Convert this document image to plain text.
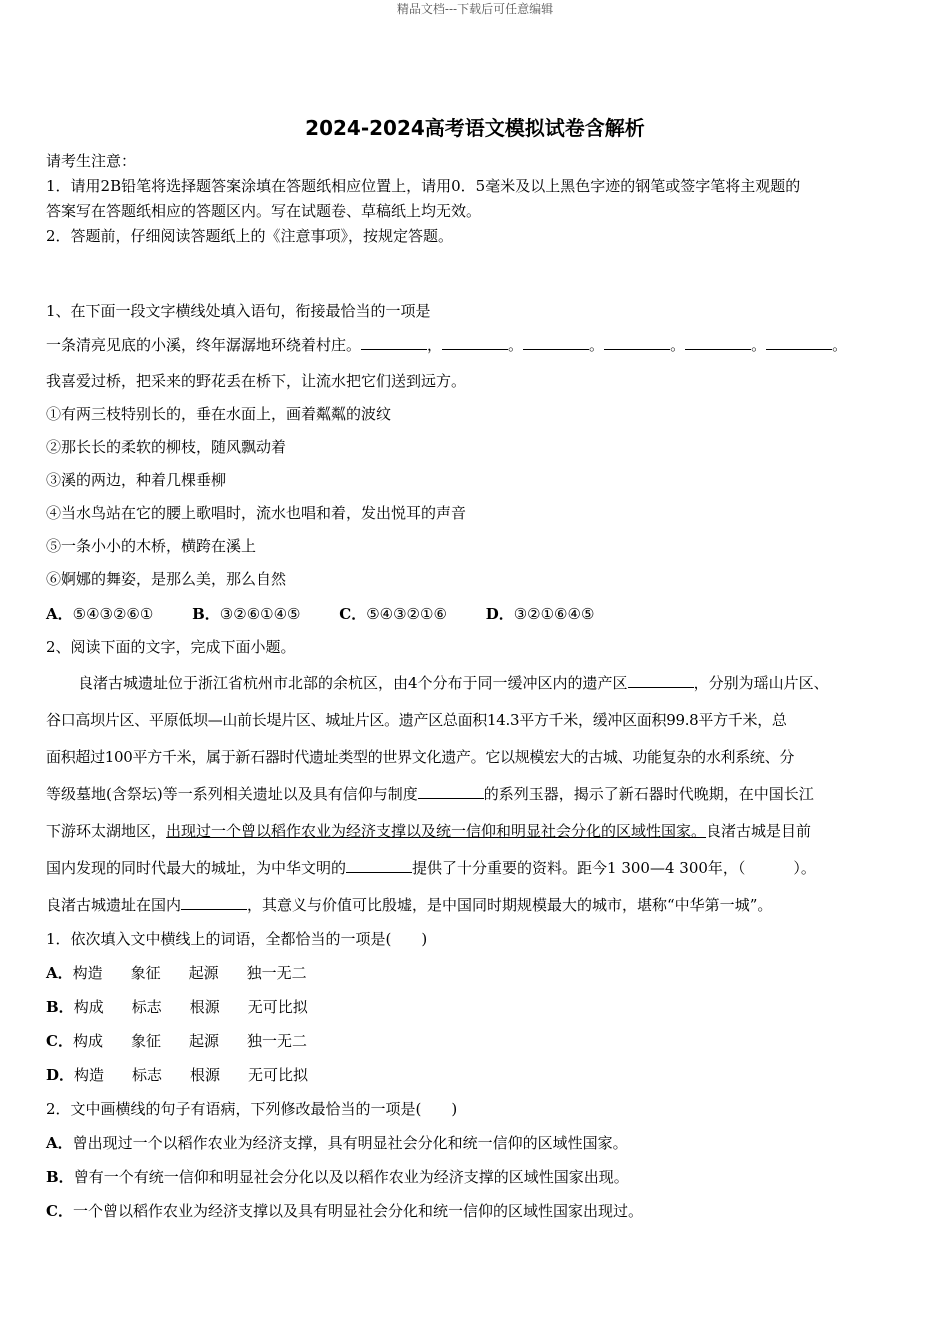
精品文档---下载后可任意编辑
2024-2024高考语文模拟试卷含解析
请考生注意：
1．请用2B铅笔将选择题答案涂填在答题纸相应位置上，请用0．5毫米及以上黑色字迹的钢笔或签字笔将主观题的
答案写在答题纸相应的答题区内。写在试题卷、草稿纸上均无效。
2．答题前，仔细阅读答题纸上的《注意事项》，按规定答题。
1、在下面一段文字横线处填入语句，衔接最恰当的一项是
一条清亮见底的小溪，终年潺潺地环绕着村庄。	，	。	。	。	。	。
我喜爱过桥，把采来的野花丢在桥下，让流水把它们送到远方。
①有两三枝特别长的，垂在水面上，画着粼粼的波纹
②那长长的柔软的柳枝，随风飘动着
③溪的两边，种着几棵垂柳
④当水鸟站在它的腰上歌唱时，流水也唱和着，发出悦耳的声音
⑤一条小小的木桥，横跨在溪上
⑥婀娜的舞姿，是那么美，那么自然
A．⑤④③②⑥①	B．③②⑥①④⑤	C．⑤④③②①⑥	D．③②①⑥④⑤
2、阅读下面的文字，完成下面小题。
良渚古城遗址位于浙江省杭州市北部的余杭区，由4个分布于同一缓冲区内的遗产区	，分别为瑶山片区、
谷口高坝片区、平原低坝—山前长堤片区、城址片区。遗产区总面积14.3平方千米，缓冲区面积99.8平方千米，总
面积超过100平方千米，属于新石器时代遗址类型的世界文化遗产。它以规模宏大的古城、功能复杂的水利系统、分
等级墓地(含祭坛)等一系列相关遗址以及具有信仰与制度	的系列玉器，揭示了新石器时代晚期，在中国长江
下游环太湖地区，出现过一个曾以稻作农业为经济支撑以及统一信仰和明显社会分化的区域性国家。良渚古城是目前
国内发现的同时代最大的城址，为中华文明的	提供了十分重要的资料。距今1 300—4 300年，（	）。
良渚古城遗址在国内	，其意义与价值可比殷墟，是中国同时期规模最大的城市，堪称“中华第一城”。
1．依次填入文中横线上的词语，全都恰当的一项是(　　)
A．构造 象征 起源 独一无二
B．构成 标志 根源 无可比拟
C．构成 象征 起源 独一无二
D．构造 标志 根源 无可比拟
2．文中画横线的句子有语病，下列修改最恰当的一项是(　　)
A．曾出现过一个以稻作农业为经济支撑，具有明显社会分化和统一信仰的区域性国家。
B．曾有一个有统一信仰和明显社会分化以及以稻作农业为经济支撑的区域性国家出现。
C．一个曾以稻作农业为经济支撑以及具有明显社会分化和统一信仰的区域性国家出现过。
